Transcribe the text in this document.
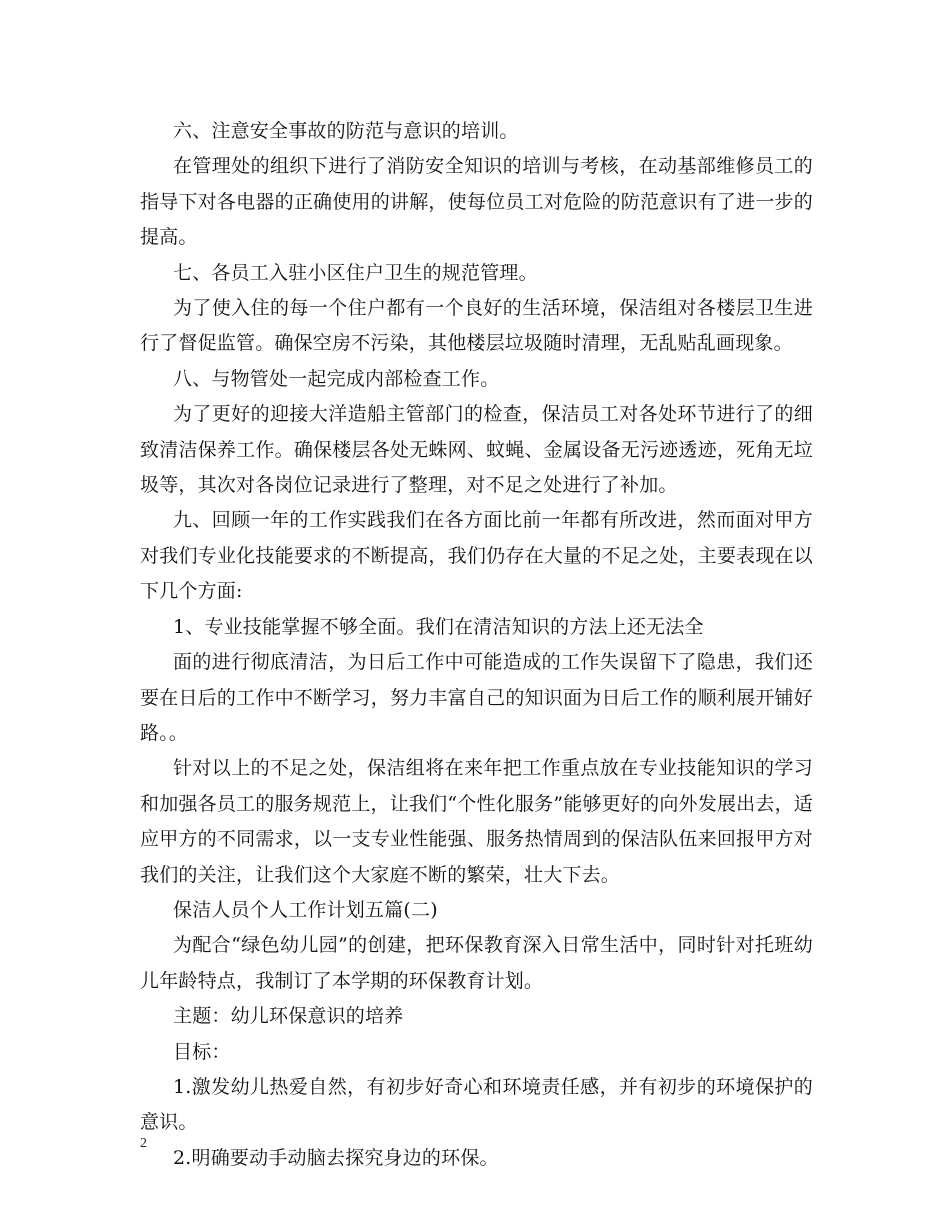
六、注意安全事故的防范与意识的培训。

在管理处的组织下进行了消防安全知识的培训与考核，在动基部维修员工的指导下对各电器的正确使用的讲解，使每位员工对危险的防范意识有了进一步的提高。

七、各员工入驻小区住户卫生的规范管理。

为了使入住的每一个住户都有一个良好的生活环境，保洁组对各楼层卫生进行了督促监管。确保空房不污染，其他楼层垃圾随时清理，无乱贴乱画现象。

八、与物管处一起完成内部检查工作。

为了更好的迎接大洋造船主管部门的检查，保洁员工对各处环节进行了的细致清洁保养工作。确保楼层各处无蛛网、蚊蝇、金属设备无污迹透迹，死角无垃圾等，其次对各岗位记录进行了整理，对不足之处进行了补加。

九、回顾一年的工作实践我们在各方面比前一年都有所改进，然而面对甲方对我们专业化技能要求的不断提高，我们仍存在大量的不足之处，主要表现在以下几个方面:

1、专业技能掌握不够全面。我们在清洁知识的方法上还无法全

面的进行彻底清洁，为日后工作中可能造成的工作失误留下了隐患，我们还要在日后的工作中不断学习，努力丰富自己的知识面为日后工作的顺利展开铺好路。。

针对以上的不足之处，保洁组将在来年把工作重点放在专业技能知识的学习和加强各员工的服务规范上，让我们“个性化服务”能够更好的向外发展出去，适应甲方的不同需求，以一支专业性能强、服务热情周到的保洁队伍来回报甲方对我们的关注，让我们这个大家庭不断的繁荣，壮大下去。

保洁人员个人工作计划五篇(二)

为配合“绿色幼儿园”的创建，把环保教育深入日常生活中，同时针对托班幼儿年龄特点，我制订了本学期的环保教育计划。

主题：幼儿环保意识的培养

目标：

1.激发幼儿热爱自然，有初步好奇心和环境责任感，并有初步的环境保护的意识。

2.明确要动手动脑去探究身边的环保。

2
